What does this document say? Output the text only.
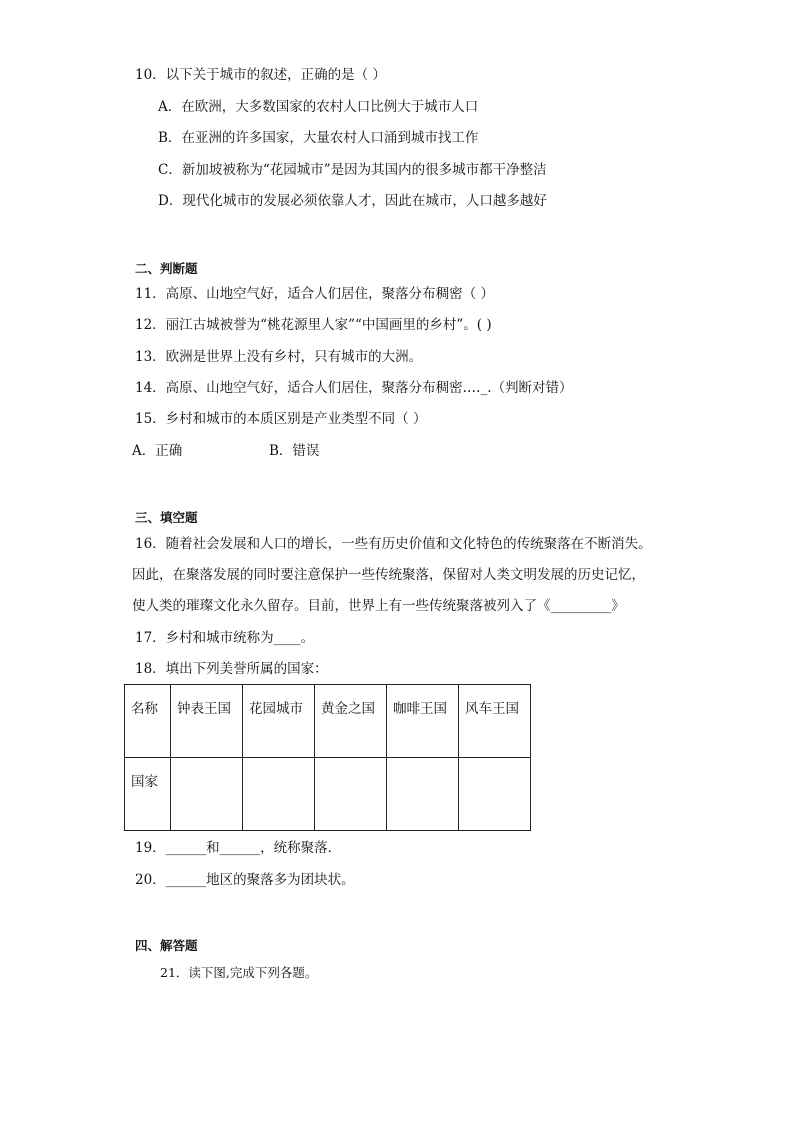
10．以下关于城市的叙述，正确的是（ ）
A．在欧洲，大多数国家的农村人口比例大于城市人口
B．在亚洲的许多国家，大量农村人口涌到城市找工作
C．新加坡被称为“花园城市”是因为其国内的很多城市都干净整洁
D．现代化城市的发展必须依靠人才，因此在城市，人口越多越好
二、判断题
11．高原、山地空气好，适合人们居住，聚落分布稠密（ ）
12．丽江古城被誉为“桃花源里人家”“中国画里的乡村”。( )
13．欧洲是世界上没有乡村，只有城市的大洲。
14．高原、山地空气好，适合人们居住，聚落分布稠密.…_.（判断对错）
15．乡村和城市的本质区别是产业类型不同（ ）
A．正确	B．错误
三、填空题
16．随着社会发展和人口的增长，一些有历史价值和文化特色的传统聚落在不断消失。
因此，在聚落发展的同时要注意保护一些传统聚落，保留对人类文明发展的历史记忆，
使人类的璀璨文化永久留存。目前，世界上有一些传统聚落被列入了《_________》
17．乡村和城市统称为____。
18．填出下列美誉所属的国家：
名称	钟表王国	花园城市	黄金之国	咖啡王国	风车王国
国家					
19．______和______，统称聚落．
20．______地区的聚落多为团块状。
四、解答题
21．读下图,完成下列各题。
